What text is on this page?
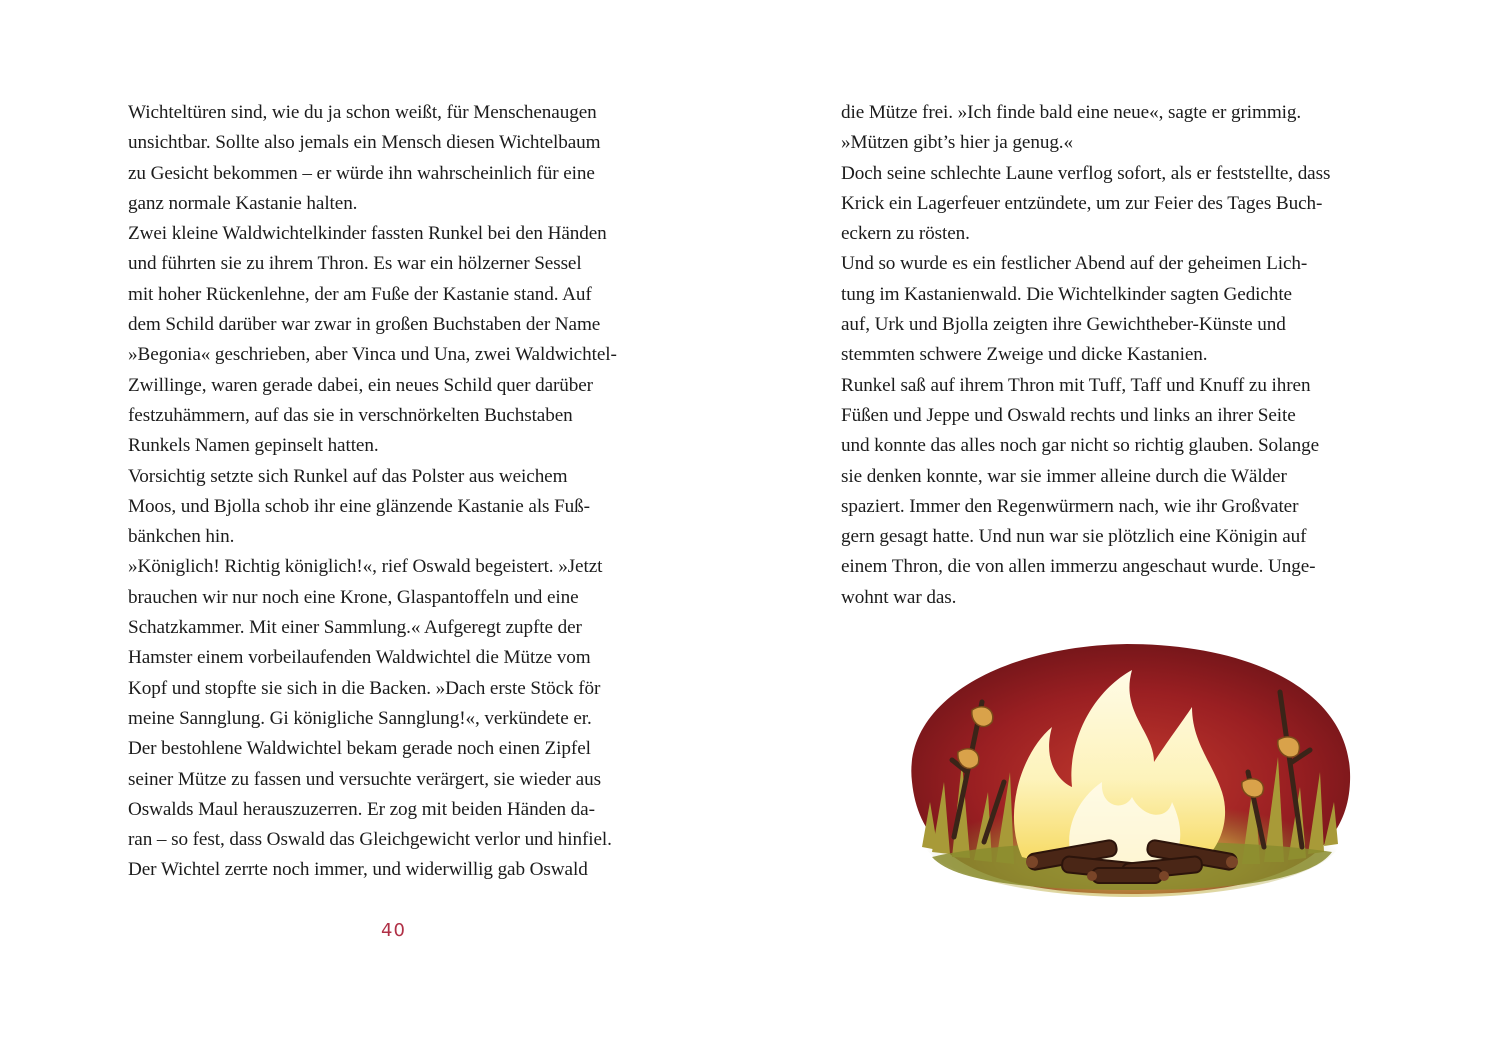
Wichteltüren sind, wie du ja schon weißt, für Menschenaugen
unsichtbar. Sollte also jemals ein Mensch diesen Wichtelbaum
zu Gesicht bekommen – er würde ihn wahrscheinlich für eine
ganz normale Kastanie halten.
Zwei kleine Waldwichtelkinder fassten Runkel bei den Händen
und führten sie zu ihrem Thron. Es war ein hölzerner Sessel
mit hoher Rückenlehne, der am Fuße der Kastanie stand. Auf
dem Schild darüber war zwar in großen Buchstaben der Name
»Begonia« geschrieben, aber Vinca und Una, zwei Waldwichtel-
Zwillinge, waren gerade dabei, ein neues Schild quer darüber
festzuhämmern, auf das sie in verschnörkelten Buchstaben
Runkels Namen gepinselt hatten.
Vorsichtig setzte sich Runkel auf das Polster aus weichem
Moos, und Bjolla schob ihr eine glänzende Kastanie als Fuß-
bänkchen hin.
»Königlich! Richtig königlich!«, rief Oswald begeistert. »Jetzt
brauchen wir nur noch eine Krone, Glaspantoffeln und eine
Schatzkammer. Mit einer Sammlung.« Aufgeregt zupfte der
Hamster einem vorbeilaufenden Waldwichtel die Mütze vom
Kopf und stopfte sie sich in die Backen. »Dach erste Stöck för
meine Sannglung. Gi königliche Sannglung!«, verkündete er.
Der bestohlene Waldwichtel bekam gerade noch einen Zipfel
seiner Mütze zu fassen und versuchte verärgert, sie wieder aus
Oswalds Maul herauszuzerren. Er zog mit beiden Händen da-
ran – so fest, dass Oswald das Gleichgewicht verlor und hinfiel.
Der Wichtel zerrte noch immer, und widerwillig gab Oswald
40
die Mütze frei. »Ich finde bald eine neue«, sagte er grimmig.
»Mützen gibt’s hier ja genug.«
Doch seine schlechte Laune verflog sofort, als er feststellte, dass
Krick ein Lagerfeuer entzündete, um zur Feier des Tages Buch-
eckern zu rösten.
Und so wurde es ein festlicher Abend auf der geheimen Lich-
tung im Kastanienwald. Die Wichtelkinder sagten Gedichte
auf, Urk und Bjolla zeigten ihre Gewichtheber-Künste und
stemmten schwere Zweige und dicke Kastanien.
Runkel saß auf ihrem Thron mit Tuff, Taff und Knuff zu ihren
Füßen und Jeppe und Oswald rechts und links an ihrer Seite
und konnte das alles noch gar nicht so richtig glauben. Solange
sie denken konnte, war sie immer alleine durch die Wälder
spaziert. Immer den Regenwürmern nach, wie ihr Großvater
gern gesagt hatte. Und nun war sie plötzlich eine Königin auf
einem Thron, die von allen immerzu angeschaut wurde. Unge-
wohnt war das.
